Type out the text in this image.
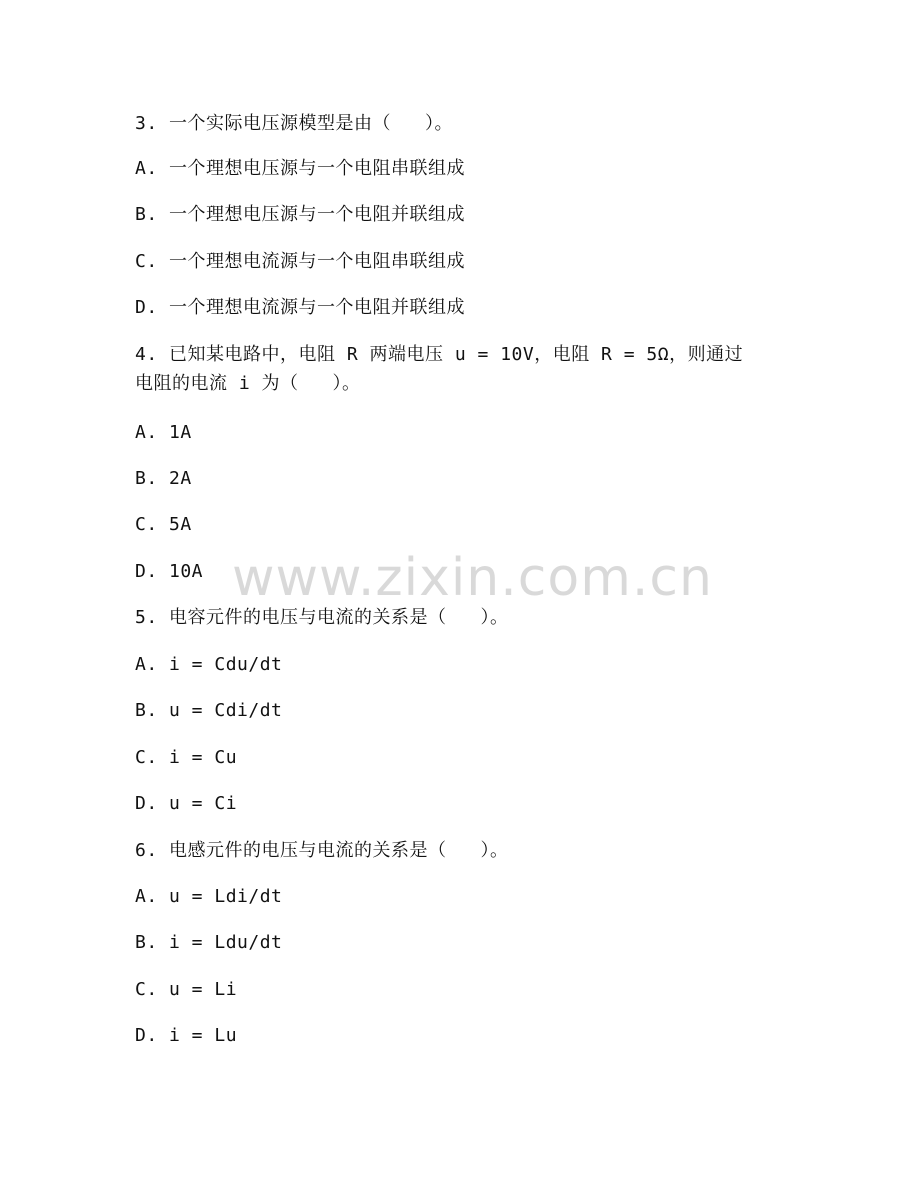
3. 一个实际电压源模型是由（   ）。
A. 一个理想电压源与一个电阻串联组成
B. 一个理想电压源与一个电阻并联组成
C. 一个理想电流源与一个电阻串联组成
D. 一个理想电流源与一个电阻并联组成
4. 已知某电路中，电阻 R 两端电压 u = 10V，电阻 R = 5Ω，则通过
电阻的电流 i 为（   ）。
A. 1A
B. 2A
C. 5A
D. 10A
5. 电容元件的电压与电流的关系是（   ）。
A. i = Cdu/dt
B. u = Cdi/dt
C. i = Cu
D. u = Ci
6. 电感元件的电压与电流的关系是（   ）。
A. u = Ldi/dt
B. i = Ldu/dt
C. u = Li
D. i = Lu
www.zixin.com.cn
